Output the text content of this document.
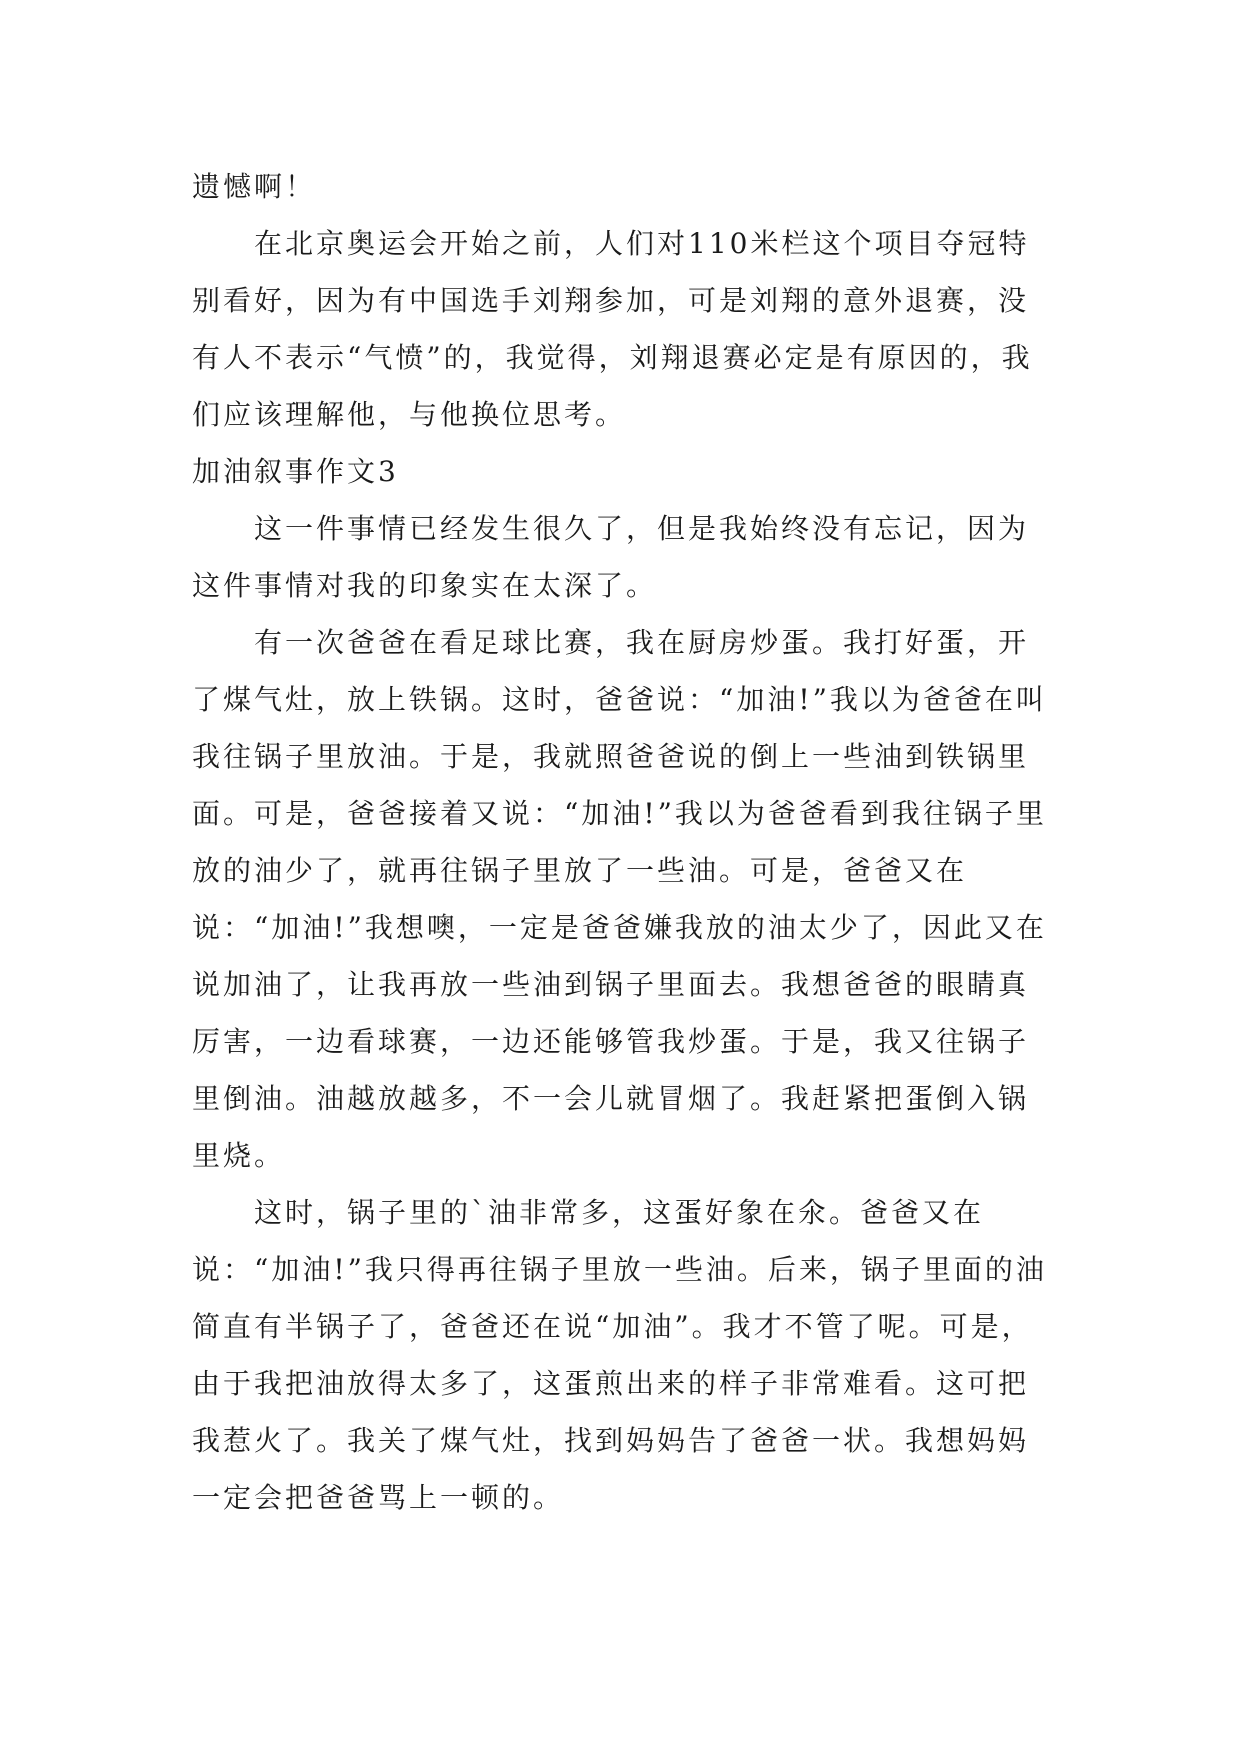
遗憾啊！

在北京奥运会开始之前，人们对110米栏这个项目夺冠特别看好，因为有中国选手刘翔参加，可是刘翔的意外退赛，没有人不表示“气愤”的，我觉得，刘翔退赛必定是有原因的，我们应该理解他，与他换位思考。

加油叙事作文3

这一件事情已经发生很久了，但是我始终没有忘记，因为这件事情对我的印象实在太深了。

有一次爸爸在看足球比赛，我在厨房炒蛋。我打好蛋，开了煤气灶，放上铁锅。这时，爸爸说：“加油!”我以为爸爸在叫我往锅子里放油。于是，我就照爸爸说的倒上一些油到铁锅里面。可是，爸爸接着又说：“加油!”我以为爸爸看到我往锅子里放的油少了，就再往锅子里放了一些油。可是，爸爸又在说：“加油!”我想噢，一定是爸爸嫌我放的油太少了，因此又在说加油了，让我再放一些油到锅子里面去。我想爸爸的眼睛真厉害，一边看球赛，一边还能够管我炒蛋。于是，我又往锅子里倒油。油越放越多，不一会儿就冒烟了。我赶紧把蛋倒入锅里烧。

这时，锅子里的`油非常多，这蛋好象在氽。爸爸又在说：“加油!”我只得再往锅子里放一些油。后来，锅子里面的油简直有半锅子了，爸爸还在说“加油”。我才不管了呢。可是，由于我把油放得太多了，这蛋煎出来的样子非常难看。这可把我惹火了。我关了煤气灶，找到妈妈告了爸爸一状。我想妈妈一定会把爸爸骂上一顿的。
